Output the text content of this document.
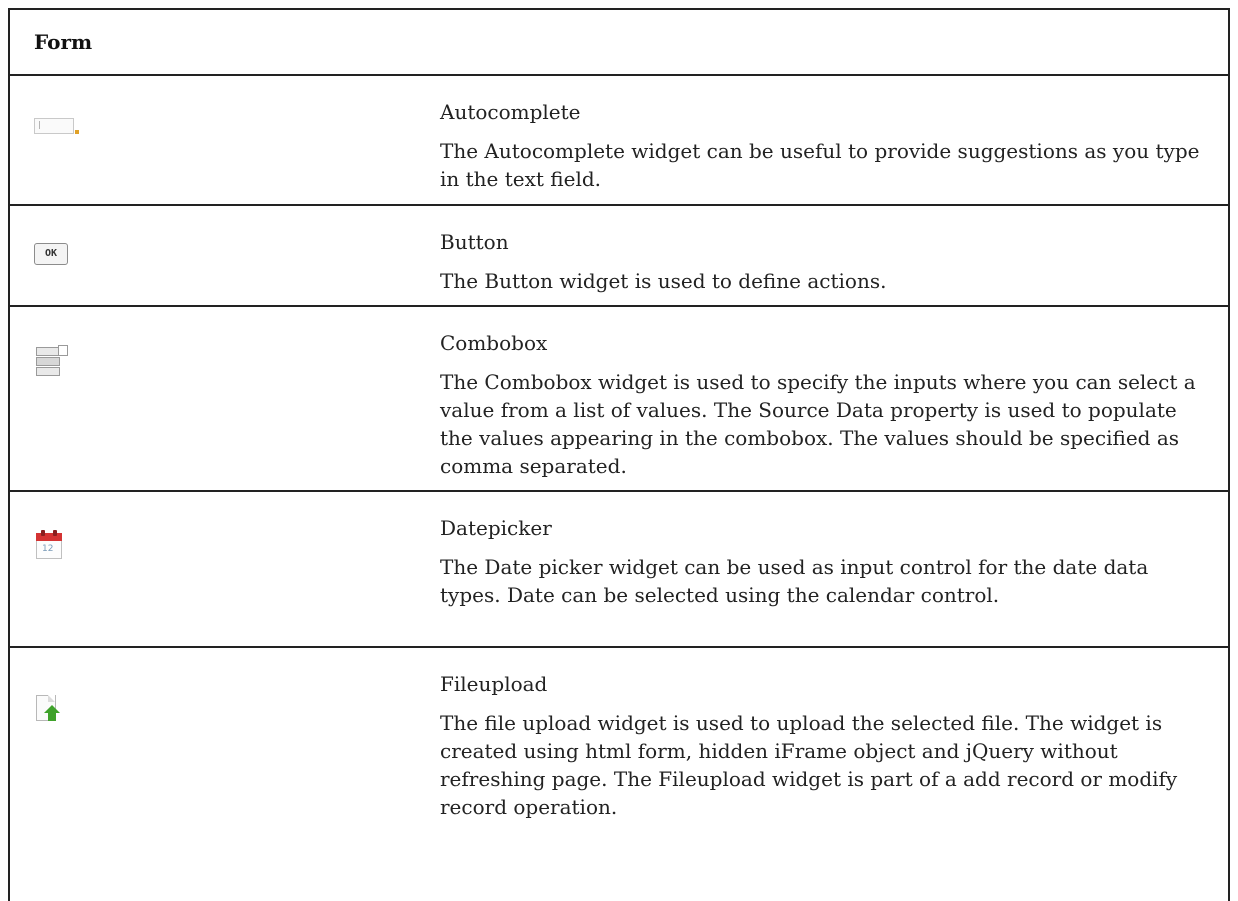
Form

Autocomplete

The Autocomplete widget can be useful to provide suggestions as you type in the text field.

OK	Button

The Button widget is used to define actions.

Combobox

The Combobox widget is used to specify the inputs where you can select a value from a list of values. The Source Data property is used to populate the values appearing in the combobox. The values should be specified as comma separated.

12

Datepicker

The Date picker widget can be used as input control for the date data types. Date can be selected using the calendar control.

Fileupload

The file upload widget is used to upload the selected file. The widget is created using html form, hidden iFrame object and jQuery without refreshing page. The Fileupload widget is part of a add record or modify record operation.
